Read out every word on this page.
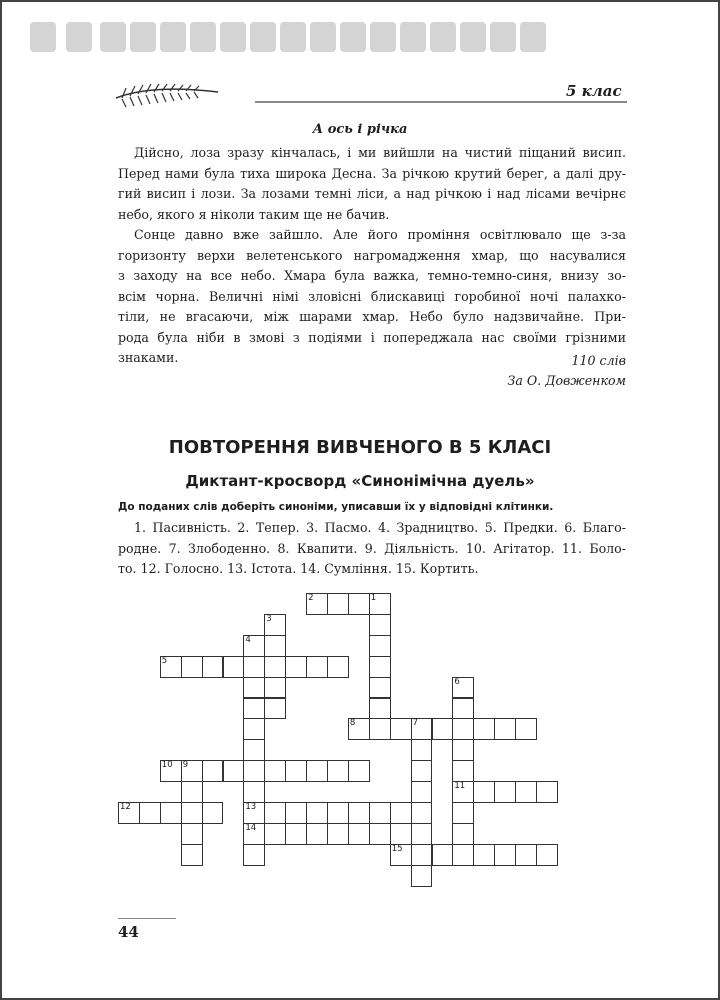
5 клас
А ось і річка
Дійсно, лоза зразу кінчалась, і ми вийшли на чистий піщаний висип.
Перед нами була тиха широка Десна. За річкою крутий берег, а далі дру-
гий висип і лози. За лозами темні ліси, а над річкою і над лісами вечірнє
небо, якого я ніколи таким ще не бачив.
Сонце давно вже зайшло. Але його проміння освітлювало ще з-за
горизонту верхи велетенського нагромадження хмар, що насувалися
з заходу на все небо. Хмара була важка, темно-темно-синя, внизу зо-
всім чорна. Величні німі зловісні блискавиці горобиної ночі палахко-
тіли, не вгасаючи, між шарами хмар. Небо було надзвичайне. При-
рода була ніби в змові з подіями і попереджала нас своїми грізними
знаками.	110 слів
За О. Довженком
ПОВТОРЕННЯ ВИВЧЕНОГО В 5 КЛАСІ
Диктант-кросворд «Синонімічна дуель»
До поданих слів доберіть синоніми, уписавши їх у відповідні клітинки.
1. Пасивність. 2. Тепер. 3. Пасмо. 4. Зрадництво. 5. Предки. 6. Благо-
родне. 7. Злободенно. 8. Квапити. 9. Діяльність. 10. Агітатор. 11. Боло-
то. 12. Голосно. 13. Істота. 14. Сумління. 15. Кортить.
1
2
3
4
5
6
7
8
9
10
11
12	13
14
15
44
